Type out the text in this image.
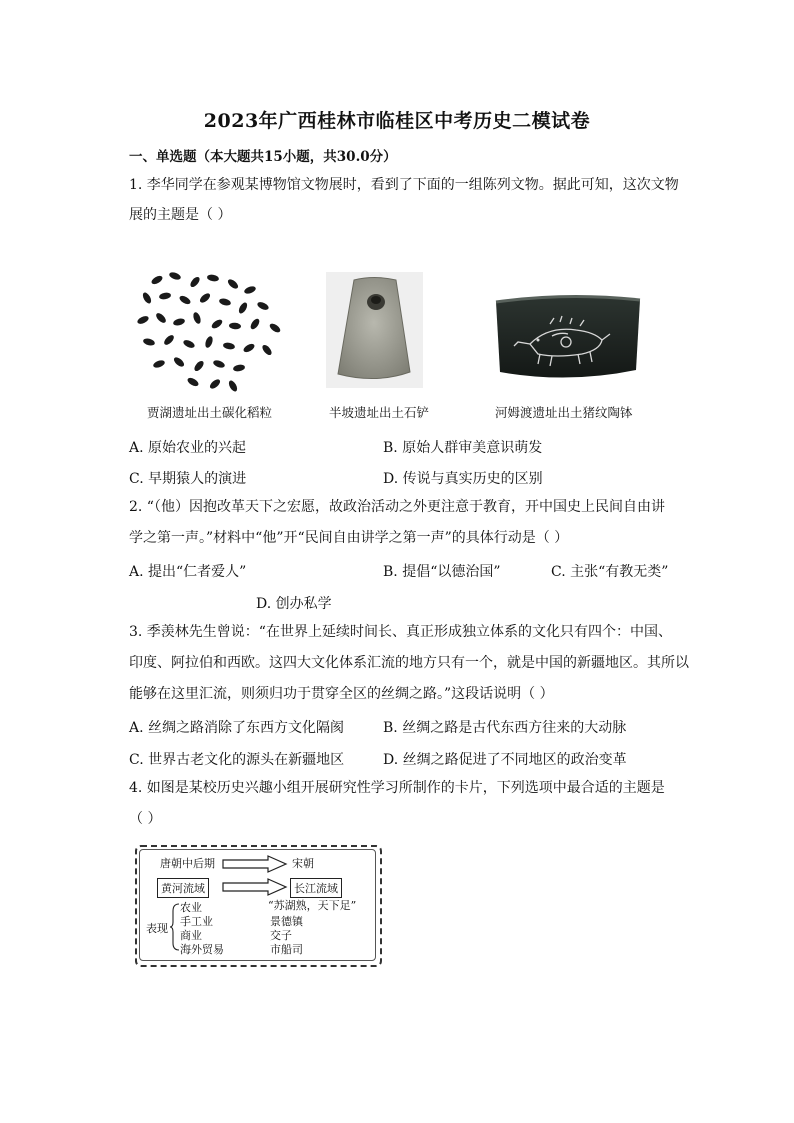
2023年广西桂林市临桂区中考历史二模试卷
一、单选题（本大题共15小题，共30.0分）
1. 李华同学在参观某博物馆文物展时，看到了下面的一组陈列文物。据此可知，这次文物
展的主题是（ ）
贾湖遗址出土碳化稻粒	半坡遗址出土石铲	河姆渡遗址出土猪纹陶钵
A. 原始农业的兴起	B. 原始人群审美意识萌发
C. 早期猿人的演进	D. 传说与真实历史的区别
2. “（他）因抱改革天下之宏愿，故政治活动之外更注意于教育，开中国史上民间自由讲
学之第一声。”材料中“他”开“民间自由讲学之第一声”的具体行动是（ ）
A. 提出“仁者爱人”	B. 提倡“以德治国”	C. 主张“有教无类”
D. 创办私学
3. 季羡林先生曾说：“在世界上延续时间长、真正形成独立体系的文化只有四个：中国、
印度、阿拉伯和西欧。这四大文化体系汇流的地方只有一个，就是中国的新疆地区。其所以
能够在这里汇流，则须归功于贯穿全区的丝绸之路。”这段话说明（ ）
A. 丝绸之路消除了东西方文化隔阂	B. 丝绸之路是古代东西方往来的大动脉
C. 世界古老文化的源头在新疆地区	D. 丝绸之路促进了不同地区的政治变革
4. 如图是某校历史兴趣小组开展研究性学习所制作的卡片，下列选项中最合适的主题是
（ ）
唐朝中后期	宋朝
黄河流域	长江流域
表现
农业
手工业
商业
海外贸易
“苏湖熟，天下足”
景德镇
交子
市船司
